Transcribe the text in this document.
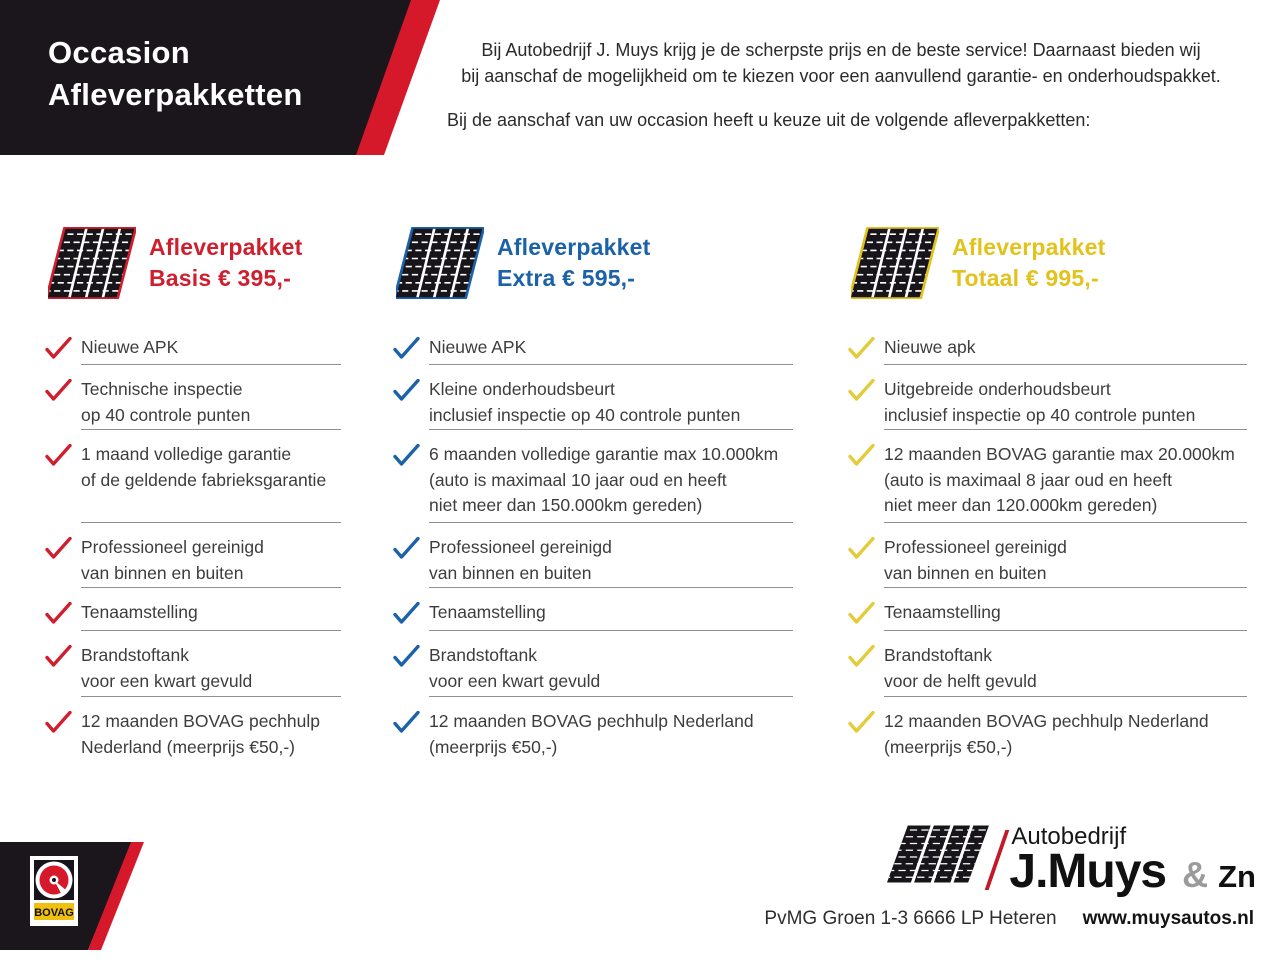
Occasion
Afleverpakketten

Bij Autobedrijf J. Muys krijg je de scherpste prijs en de beste service! Daarnaast bieden wij
bij aanschaf de mogelijkheid om te kiezen voor een aanvullend garantie- en onderhoudspakket.

Bij de aanschaf van uw occasion heeft u keuze uit de volgende afleverpakketten:

Afleverpakket
Basis € 395,-
Nieuwe APK
Technische inspectie
op 40 controle punten
1 maand volledige garantie
of de geldende fabrieksgarantie
Professioneel gereinigd
van binnen en buiten
Tenaamstelling
Brandstoftank
voor een kwart gevuld
12 maanden BOVAG pechhulp
Nederland (meerprijs €50,-)
Afleverpakket
Extra € 595,-
Nieuwe APK
Kleine onderhoudsbeurt
inclusief inspectie op 40 controle punten
6 maanden volledige garantie max 10.000km
(auto is maximaal 10 jaar oud en heeft
niet meer dan 150.000km gereden)
Professioneel gereinigd
van binnen en buiten
Tenaamstelling
Brandstoftank
voor een kwart gevuld
12 maanden BOVAG pechhulp Nederland
(meerprijs €50,-)
Afleverpakket
Totaal € 995,-
Nieuwe apk
Uitgebreide onderhoudsbeurt
inclusief inspectie op 40 controle punten
12 maanden BOVAG garantie max 20.000km
(auto is maximaal 8 jaar oud en heeft
niet meer dan 120.000km gereden)
Professioneel gereinigd
van binnen en buiten
Tenaamstelling
Brandstoftank
voor de helft gevuld
12 maanden BOVAG pechhulp Nederland
(meerprijs €50,-)
BOVAG
Autobedrijf
J.Muys & Zn
PvMG Groen 1-3 6666 LP Heteren www.muysautos.nl
